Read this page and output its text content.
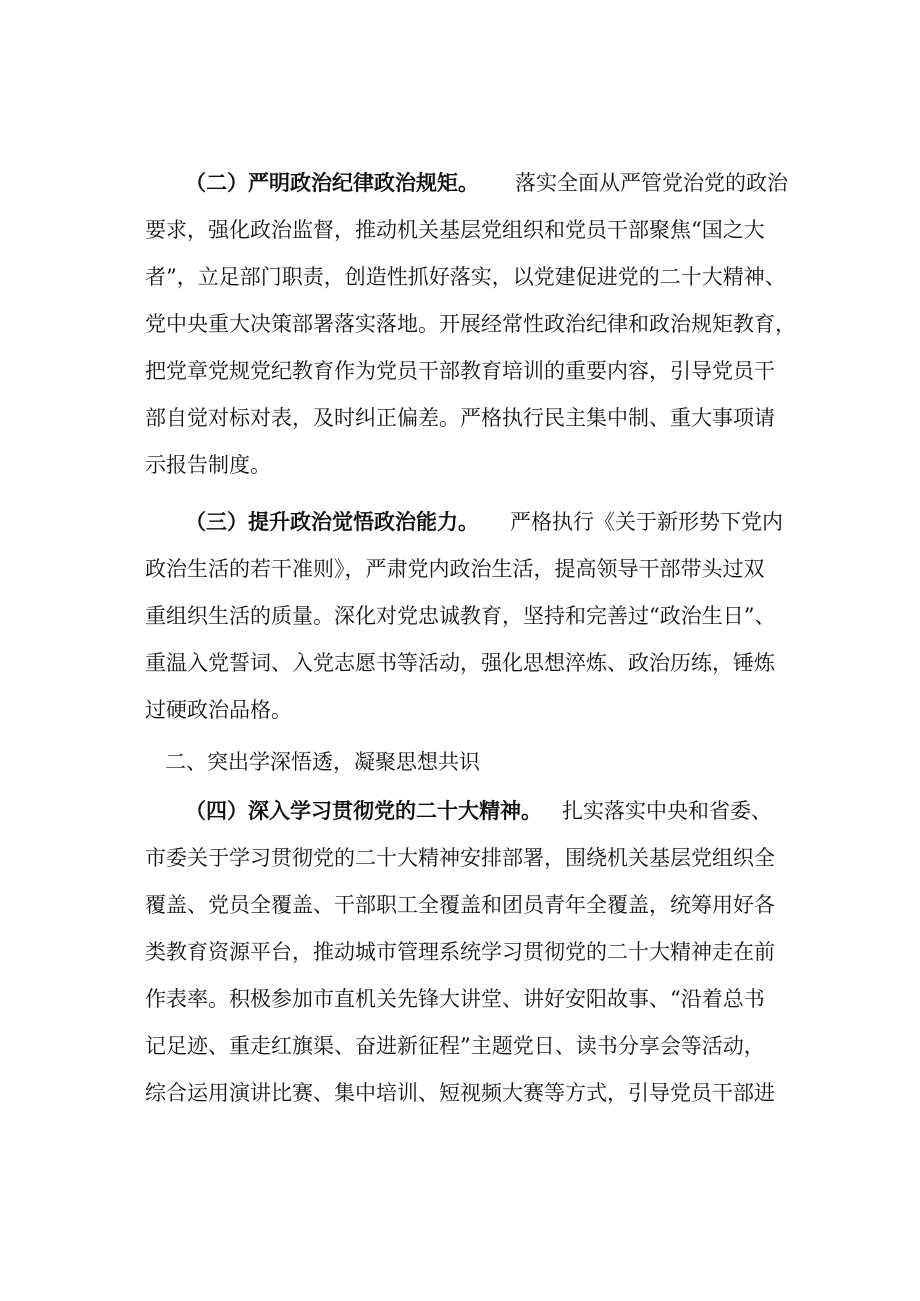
（二）严明政治纪律政治规矩。 落实全面从严管党治党的政治
要求，强化政治监督，推动机关基层党组织和党员干部聚焦“国之大
者”，立足部门职责，创造性抓好落实，以党建促进党的二十大精神、
党中央重大决策部署落实落地。开展经常性政治纪律和政治规矩教育，
把党章党规党纪教育作为党员干部教育培训的重要内容，引导党员干
部自觉对标对表，及时纠正偏差。严格执行民主集中制、重大事项请
示报告制度。
（三）提升政治觉悟政治能力。 严格执行《关于新形势下党内
政治生活的若干准则》，严肃党内政治生活，提高领导干部带头过双
重组织生活的质量。深化对党忠诚教育，坚持和完善过“政治生日”、
重温入党誓词、入党志愿书等活动，强化思想淬炼、政治历练，锤炼
过硬政治品格。
二、突出学深悟透，凝聚思想共识
（四）深入学习贯彻党的二十大精神。 扎实落实中央和省委、
市委关于学习贯彻党的二十大精神安排部署，围绕机关基层党组织全
覆盖、党员全覆盖、干部职工全覆盖和团员青年全覆盖，统筹用好各
类教育资源平台，推动城市管理系统学习贯彻党的二十大精神走在前
作表率。积极参加市直机关先锋大讲堂、讲好安阳故事、“沿着总书
记足迹、重走红旗渠、奋进新征程”主题党日、读书分享会等活动，
综合运用演讲比赛、集中培训、短视频大赛等方式，引导党员干部进
